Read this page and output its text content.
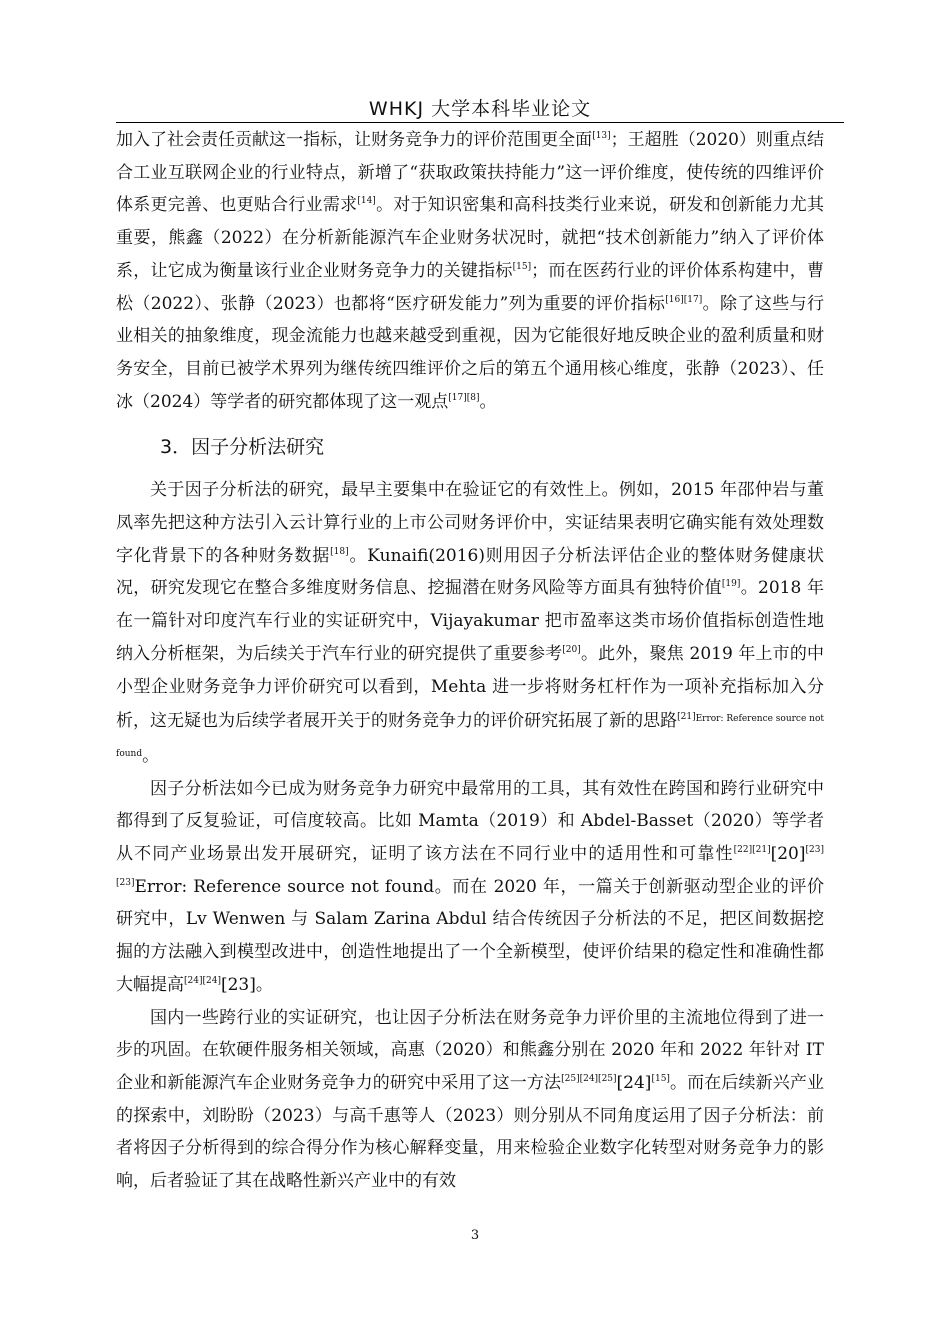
WHKJ 大学本科毕业论文

加入了社会责任贡献这一指标，让财务竞争力的评价范围更全面[13]；王超胜（2020）则重点结合工业互联网企业的行业特点，新增了“获取政策扶持能力”这一评价维度，使传统的四维评价体系更完善、也更贴合行业需求[14]。对于知识密集和高科技类行业来说，研发和创新能力尤其重要，熊鑫（2022）在分析新能源汽车企业财务状况时，就把“技术创新能力”纳入了评价体系，让它成为衡量该行业企业财务竞争力的关键指标[15]；而在医药行业的评价体系构建中，曹松（2022）、张静（2023）也都将“医疗研发能力”列为重要的评价指标[16][17]。除了这些与行业相关的抽象维度，现金流能力也越来越受到重视，因为它能很好地反映企业的盈利质量和财务安全，目前已被学术界列为继传统四维评价之后的第五个通用核心维度，张静（2023）、任冰（2024）等学者的研究都体现了这一观点[17][8]。

3．因子分析法研究

关于因子分析法的研究，最早主要集中在验证它的有效性上。例如，2015 年邵仲岩与董凤率先把这种方法引入云计算行业的上市公司财务评价中，实证结果表明它确实能有效处理数字化背景下的各种财务数据[18]。Kunaifi(2016)则用因子分析法评估企业的整体财务健康状况，研究发现它在整合多维度财务信息、挖掘潜在财务风险等方面具有独特价值[19]。2018 年在一篇针对印度汽车行业的实证研究中，Vijayakumar 把市盈率这类市场价值指标创造性地纳入分析框架，为后续关于汽车行业的研究提供了重要参考[20]。此外，聚焦 2019 年上市的中小型企业财务竞争力评价研究可以看到，Mehta 进一步将财务杠杆作为一项补充指标加入分析，这无疑也为后续学者展开关于的财务竞争力的评价研究拓展了新的思路$^{[21]Error: Reference source not found}$。

因子分析法如今已成为财务竞争力研究中最常用的工具，其有效性在跨国和跨行业研究中都得到了反复验证，可信度较高。比如 Mamta（2019）和 Abdel-Basset（2020）等学者从不同产业场景出发开展研究，证明了该方法在不同行业中的适用性和可靠性[22][21][20][23][23]Error: Reference source not found。而在 2020 年，一篇关于创新驱动型企业的评价研究中，Lv Wenwen 与 Salam Zarina Abdul 结合传统因子分析法的不足，把区间数据挖掘的方法融入到模型改进中，创造性地提出了一个全新模型，使评价结果的稳定性和准确性都大幅提高[24][24][23]。

国内一些跨行业的实证研究，也让因子分析法在财务竞争力评价里的主流地位得到了进一步的巩固。在软硬件服务相关领域，高惠（2020）和熊鑫分别在 2020 年和 2022 年针对 IT 企业和新能源汽车企业财务竞争力的研究中采用了这一方法[25][24][25][24][15]。而在后续新兴产业的探索中，刘盼盼（2023）与高千惠等人（2023）则分别从不同角度运用了因子分析法：前者将因子分析得到的综合得分作为核心解释变量，用来检验企业数字化转型对财务竞争力的影响，后者验证了其在战略性新兴产业中的有效

3
